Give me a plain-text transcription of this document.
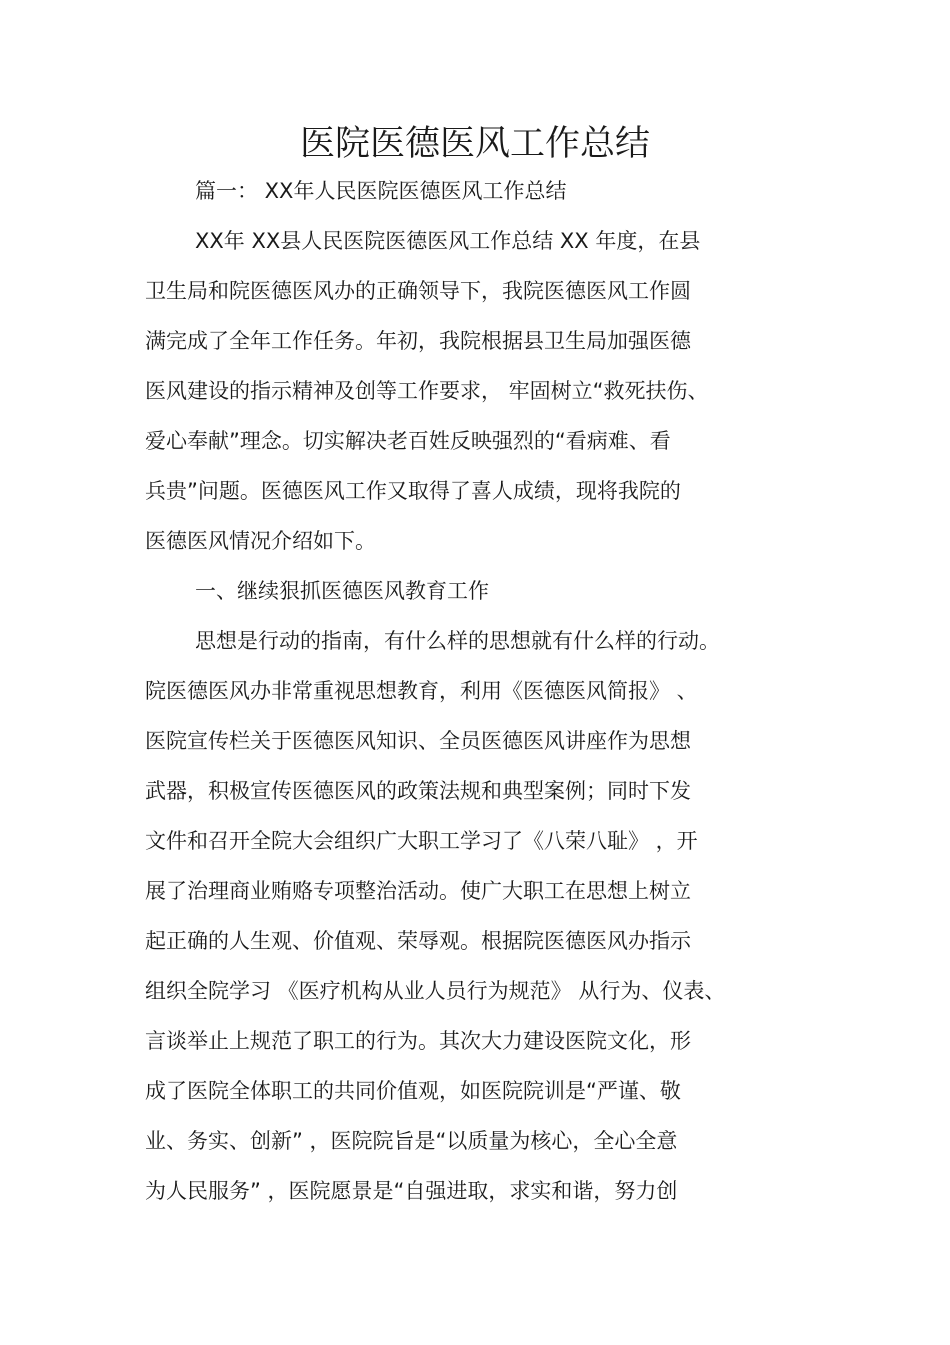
医院医德医风工作总结
篇一： XX年人民医院医德医风工作总结
XX年 XX县人民医院医德医风工作总结 XX 年度，在县
卫生局和院医德医风办的正确领导下，我院医德医风工作圆
满完成了全年工作任务。年初，我院根据县卫生局加强医德
医风建设的指示精神及创等工作要求， 牢固树立“救死扶伤、
爱心奉献”理念。切实解决老百姓反映强烈的“看病难、看
兵贵”问题。医德医风工作又取得了喜人成绩，现将我院的
医德医风情况介绍如下。
一、继续狠抓医德医风教育工作
思想是行动的指南，有什么样的思想就有什么样的行动。
院医德医风办非常重视思想教育，利用《医德医风简报》 、
医院宣传栏关于医德医风知识、全员医德医风讲座作为思想
武器，积极宣传医德医风的政策法规和典型案例；同时下发
文件和召开全院大会组织广大职工学习了《八荣八耻》 ，开
展了治理商业贿赂专项整治活动。使广大职工在思想上树立
起正确的人生观、价值观、荣辱观。根据院医德医风办指示
组织全院学习 《医疗机构从业人员行为规范》 从行为、仪表、
言谈举止上规范了职工的行为。其次大力建设医院文化，形
成了医院全体职工的共同价值观，如医院院训是“严谨、敬
业、务实、创新” ，医院院旨是“以质量为核心，全心全意
为人民服务” ，医院愿景是“自强进取，求实和谐，努力创
